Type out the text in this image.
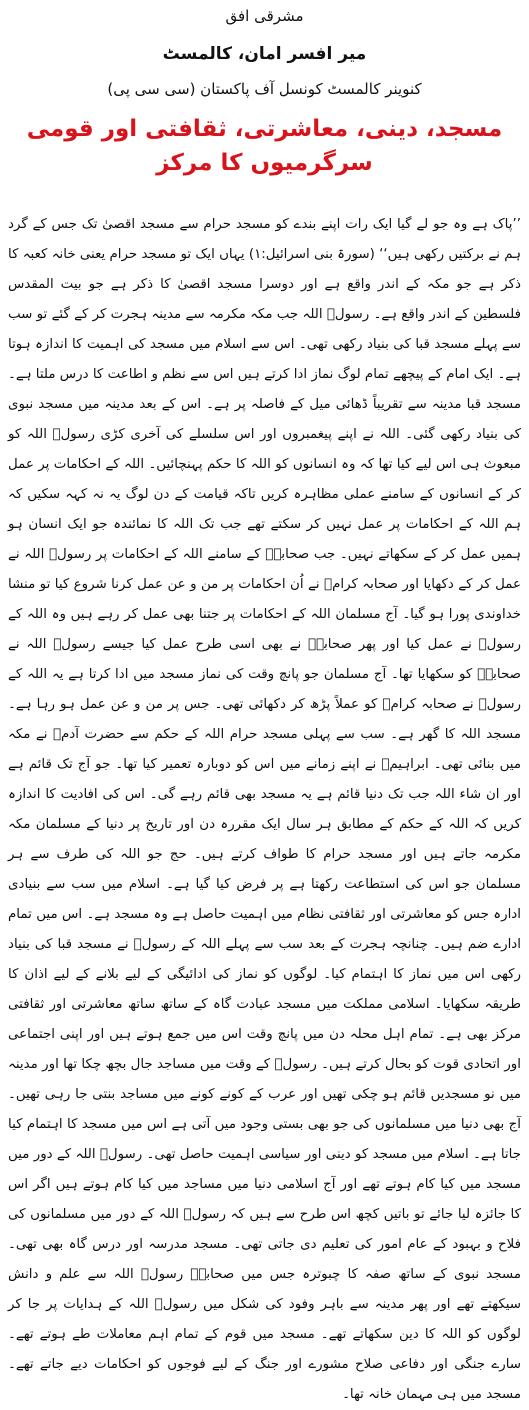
مشرقی افق
میر افسر امان، کالمسٹ
کنوینر کالمسٹ کونسل آف پاکستان (سی سی پی)
مسجد، دینی، معاشرتی، ثقافتی اور قومی سرگرمیوں کا مرکز

’’پاک ہے وہ جو لے گیا ایک رات اپنے بندے کو مسجد حرام سے مسجد اقصیٰ تک جس کے گرد ہم نے برکتیں رکھی ہیں‘‘ (سورۃ بنی اسرائیل:۱) یہاں ایک تو مسجد حرام یعنی خانہ کعبہ کا ذکر ہے جو مکہ کے اندر واقع ہے اور دوسرا مسجد اقصیٰ کا ذکر ہے جو بیت المقدس فلسطین کے اندر واقع ہے۔ رسولؐ اللہ جب مکہ مکرمہ سے مدینہ ہجرت کر کے گئے تو سب سے پہلے مسجد قبا کی بنیاد رکھی تھی۔ اس سے اسلام میں مسجد کی اہمیت کا اندازہ ہوتا ہے۔ ایک امام کے پیچھے تمام لوگ نماز ادا کرتے ہیں اس سے نظم و اطاعت کا درس ملتا ہے۔ مسجد قبا مدینہ سے تقریباً ڈھائی میل کے فاصلہ پر ہے۔ اس کے بعد مدینہ میں مسجد نبوی کی بنیاد رکھی گئی۔ اللہ نے اپنے پیغمبروں اور اس سلسلے کی آخری کڑی رسولؐ اللہ کو مبعوث ہی اس لیے کیا تھا کہ وہ انسانوں کو اللہ کا حکم پہنچائیں۔ اللہ کے احکامات پر عمل کر کے انسانوں کے سامنے عملی مظاہرہ کریں تاکہ قیامت کے دن لوگ یہ نہ کہہ سکیں کہ ہم اللہ کے احکامات پر عمل نہیں کر سکتے تھے جب تک اللہ کا نمائندہ جو ایک انسان ہو ہمیں عمل کر کے سکھاتے نہیں۔ جب صحابہؓ کے سامنے اللہ کے احکامات پر رسولؐ اللہ نے عمل کر کے دکھایا اور صحابہ کرامؓ نے اُن احکامات پر من و عن عمل کرنا شروع کیا تو منشا خداوندی پورا ہو گیا۔ آج مسلمان اللہ کے احکامات پر جتنا بھی عمل کر رہے ہیں وہ اللہ کے رسولؐ نے عمل کیا اور پھر صحابہؓ نے بھی اسی طرح عمل کیا جیسے رسولؐ اللہ نے صحابہؓ کو سکھایا تھا۔ آج مسلمان جو پانچ وقت کی نماز مسجد میں ادا کرتا ہے یہ اللہ کے رسولؐ نے صحابہ کرامؓ کو عملاً پڑھ کر دکھائی تھی۔ جس پر من و عن عمل ہو رہا ہے۔ مسجد اللہ کا گھر ہے۔ سب سے پہلی مسجد حرام اللہ کے حکم سے حضرت آدمؑ نے مکہ میں بنائی تھی۔ ابراہیمؑ نے اپنے زمانے میں اس کو دوبارہ تعمیر کیا تھا۔ جو آج تک قائم ہے اور ان شاء اللہ جب تک دنیا قائم ہے یہ مسجد بھی قائم رہے گی۔ اس کی افادیت کا اندازہ کریں کہ اللہ کے حکم کے مطابق ہر سال ایک مقررہ دن اور تاریخ پر دنیا کے مسلمان مکہ مکرمہ جاتے ہیں اور مسجد حرام کا طواف کرتے ہیں۔ حج جو اللہ کی طرف سے ہر مسلمان جو اس کی استطاعت رکھتا ہے پر فرض کیا گیا ہے۔ اسلام میں سب سے بنیادی ادارہ جس کو معاشرتی اور ثقافتی نظام میں اہمیت حاصل ہے وہ مسجد ہے۔ اس میں تمام ادارے ضم ہیں۔ چنانچہ ہجرت کے بعد سب سے پہلے اللہ کے رسولؐ نے مسجد قبا کی بنیاد رکھی اس میں نماز کا اہتمام کیا۔ لوگوں کو نماز کی ادائیگی کے لیے بلانے کے لیے اذان کا طریقہ سکھایا۔ اسلامی مملکت میں مسجد عبادت گاہ کے ساتھ ساتھ معاشرتی اور ثقافتی مرکز بھی ہے۔ تمام اہل محلہ دن میں پانچ وقت اس میں جمع ہوتے ہیں اور اپنی اجتماعی اور اتحادی قوت کو بحال کرتے ہیں۔ رسولؐ کے وقت میں مساجد جال بچھ چکا تھا اور مدینہ میں نو مسجدیں قائم ہو چکی تھیں اور عرب کے کونے کونے میں مساجد بنتی جا رہی تھیں۔ آج بھی دنیا میں مسلمانوں کی جو بھی بستی وجود میں آتی ہے اس میں مسجد کا اہتمام کیا جاتا ہے۔ اسلام میں مسجد کو دینی اور سیاسی اہمیت حاصل تھی۔ رسولؐ اللہ کے دور میں مسجد میں کیا کام ہوتے تھے اور آج اسلامی دنیا میں مساجد میں کیا کام ہوتے ہیں اگر اس کا جائزہ لیا جائے تو باتیں کچھ اس طرح سے ہیں کہ رسولؐ اللہ کے دور میں مسلمانوں کی فلاح و بہبود کے عام امور کی تعلیم دی جاتی تھی۔ مسجد مدرسہ اور درس گاہ بھی تھی۔ مسجد نبوی کے ساتھ صفہ کا چبوترہ جس میں صحابہؓ رسولؐ اللہ سے علم و دانش سیکھتے تھے اور پھر مدینہ سے باہر وفود کی شکل میں رسولؐ اللہ کے ہدایات پر جا کر لوگوں کو اللہ کا دین سکھاتے تھے۔ مسجد میں قوم کے تمام اہم معاملات طے ہوتے تھے۔ سارے جنگی اور دفاعی صلاح مشورے اور جنگ کے لیے فوجوں کو احکامات دیے جاتے تھے۔ مسجد میں ہی مہمان خانہ تھا۔
